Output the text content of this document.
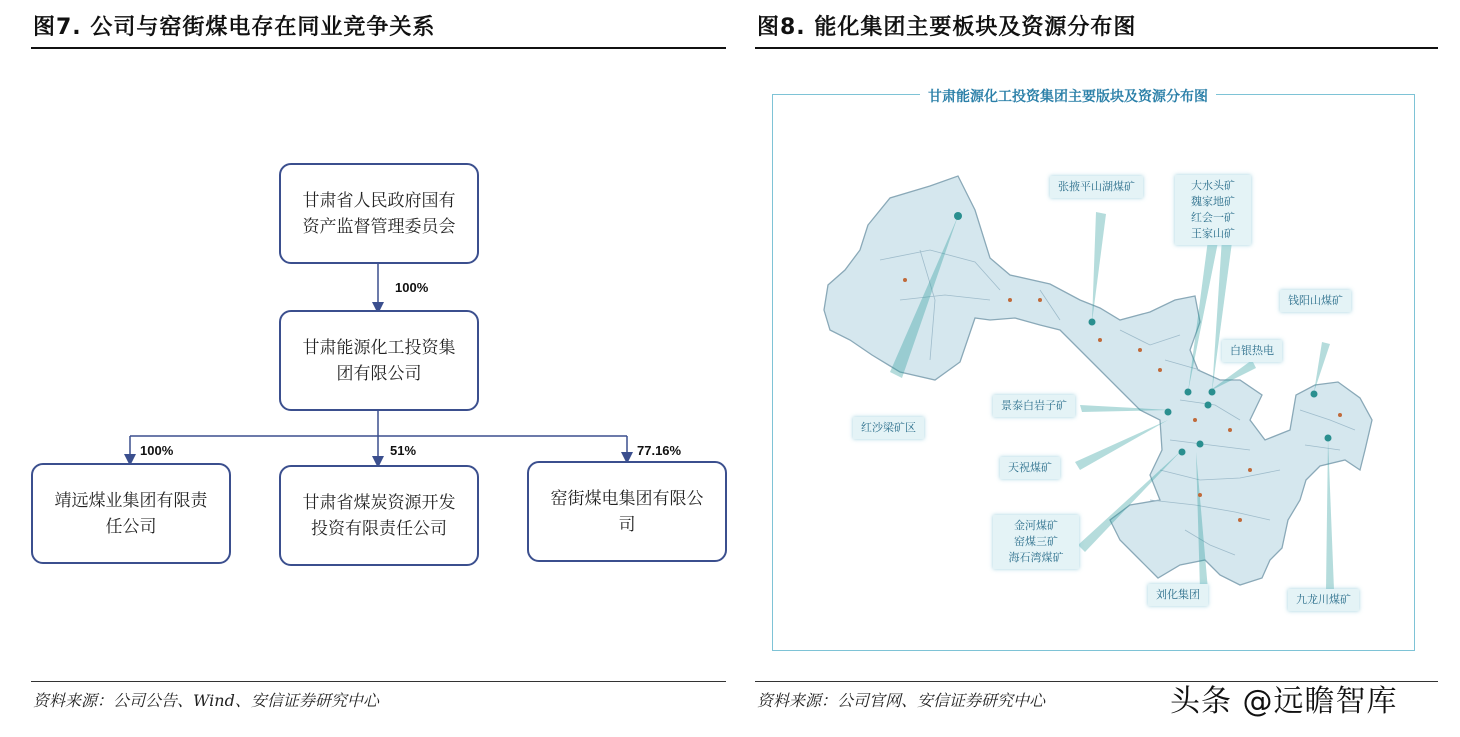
图7. 公司与窑街煤电存在同业竞争关系
甘肃省人民政府国有资产监督管理委员会
100%
甘肃能源化工投资集团有限公司
100%	51%	77.16%
靖远煤业集团有限责任公司
甘肃省煤炭资源开发投资有限责任公司
窑街煤电集团有限公司
资料来源：公司公告、Wind、安信证券研究中心
图8. 能化集团主要板块及资源分布图
甘肃能源化工投资集团主要版块及资源分布图
张掖平山湖煤矿	大水头矿
魏家地矿
红会一矿
王家山矿
钱阳山煤矿
白银热电
景泰白岩子矿
红沙梁矿区
天祝煤矿
金河煤矿
窑煤三矿
海石湾煤矿
刘化集团	九龙川煤矿
资料来源：公司官网、安信证券研究中心	头条 @远瞻智库
